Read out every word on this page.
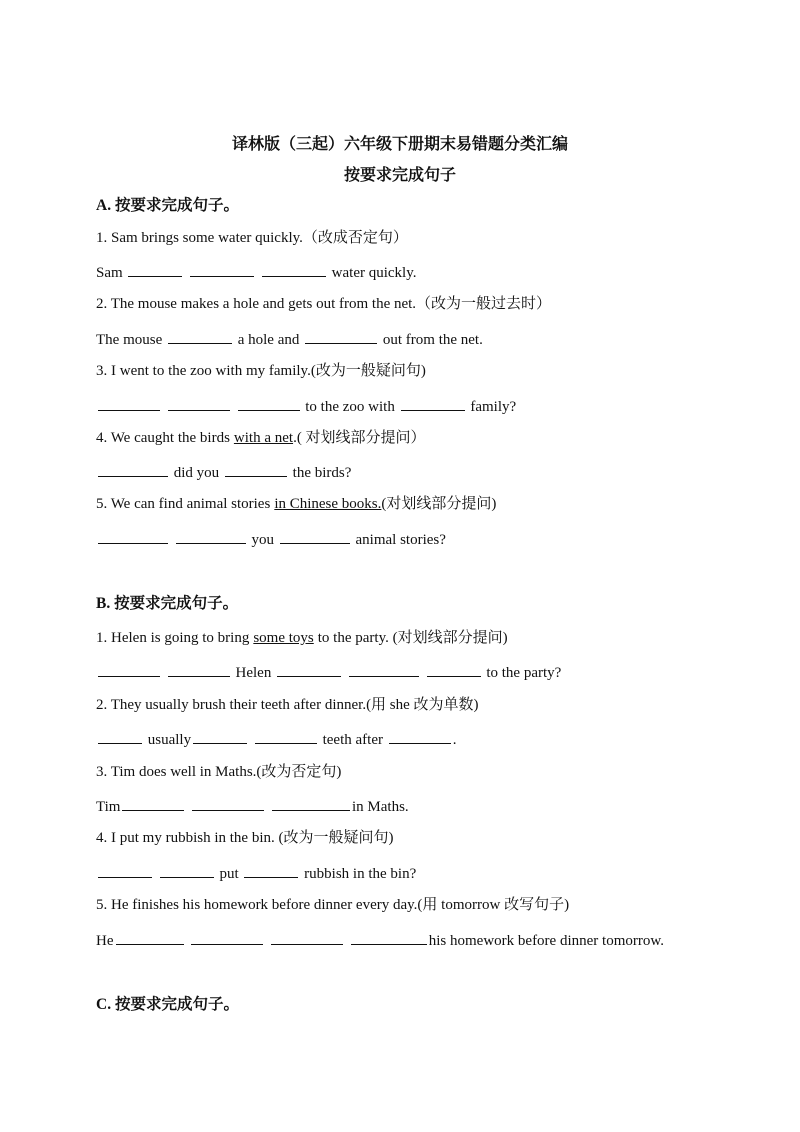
译林版（三起）六年级下册期末易错题分类汇编
按要求完成句子
A. 按要求完成句子。
1. Sam brings some water quickly.（改成否定句）
Sam	water quickly.
2. The mouse makes a hole and gets out from the net.（改为一般过去时）
The mouse	a hole and	out from the net.
3. I went to the zoo with my family.(改为一般疑问句)
to the zoo with	family?
4. We caught the birds with a net.( 对划线部分提问）
did you	the birds?
5. We can find animal stories in Chinese books.(对划线部分提问)
you	animal stories?
B. 按要求完成句子。
1. Helen is going to bring some toys to the party. (对划线部分提问)
Helen	to the party?
2. They usually brush their teeth after dinner.(用 she 改为单数)
usually	teeth after	.
3. Tim does well in Maths.(改为否定句)
Tim	in Maths.
4. I put my rubbish in the bin. (改为一般疑问句)
put	rubbish in the bin?
5. He finishes his homework before dinner every day.(用 tomorrow 改写句子)
He	his homework before dinner tomorrow.
C. 按要求完成句子。
